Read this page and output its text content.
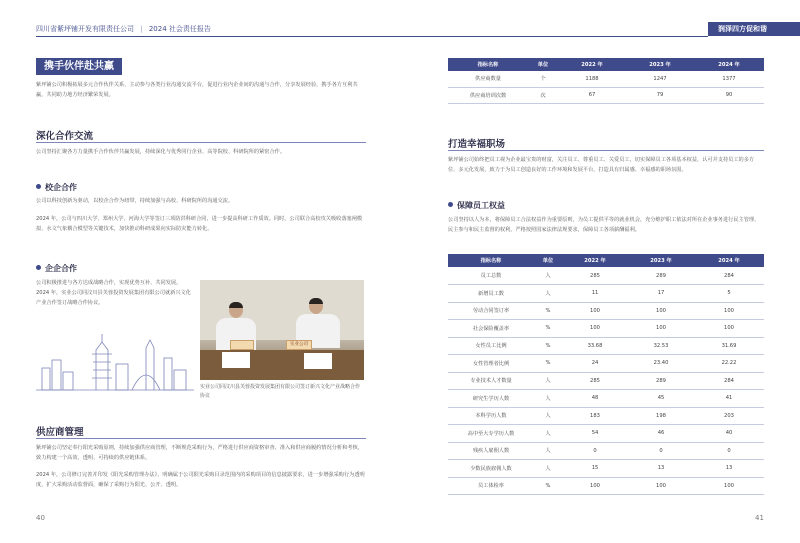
四川省紫坪铺开发有限责任公司 | 2024 社会责任报告
携手伙伴赴共赢
紫坪铺公司积极拓展多元合作伙伴关系，主动参与各类行业沟通交流平台，促进行业内企业间的沟通与合作，分享发展经验，携手各方互利共赢，共同助力地方经济繁荣发展。
深化合作交流
公司坚持汇聚各方力量携手合作伙伴共赢发展，持续深化与优秀同行企业、高等院校、科研院所的紧密合作。
校企合作
公司以科技创新为驱动，以校企合作为纽带，持续加强与高校、科研院所的沟通交流。
2024 年，公司与四川大学、郑州大学、河海大学等签订三项防洪科研合同，进一步提高科研工作质效。同时，公司联合高校攻关吸收落塞闸模拟、水文气象耦合模型等关键技术，加快推动科研成果向实际防灾能力转化。
企企合作
公司积极推进与各方达成战略合作，实现优势互补、共同发展。2024 年，实业公司同汶川县芙蓉投资发展集团有限公司就新兴文化产业合作签订战略合作协议。
实业公司
实业公司同汶川县芙蓉投资发展集团有限公司签订新兴文化产业战略合作协议
供应商管理
紫坪铺公司坚定奉行阳光采购原则，持续加强供应商管理，不断规范采购行为，严格进行供应商资格审查、准入和供应商履约情况分析和考核，致力构建一个高效、透明、可持续的供应链体系。
2024 年，公司修订完善并印发《阳光采购管理办法》，明确属于公司阳光采购目录范围内的采购项目的信息披露要求，进一步增强采购行为透明度，扩大采购活动监督面，确保了采购行为阳光、公开、透明。
40
润泽四方促和谐
指标名称	单位	2022 年	2023 年	2024 年
供应商数量	个	1188	1247	1377
供应商培训次数	次	67	79	90
打造幸福职场
紫坪铺公司始终把员工视为企业最宝贵的财富，关注员工、尊重员工、关爱员工，切实保障员工各项基本权益，认可并支持员工的多方位、多元化发展，致力于为员工创造良好的工作环境和发展平台，打造具有归属感、幸福感的职场氛围。
保障员工权益
公司坚持以人为本，将保障员工合法权益作为重要原则，为员工提供平等的就业机会，充分维护职工依法对所在企业事务进行民主管理、民主参与和民主监督的权利，严格按照国家法律法规要求，保障员工各项薪酬福利。
指标名称	单位	2022 年	2023 年	2024 年
员工总数	人	285	289	284
新增员工数	人	11	17	5
劳动合同签订率	%	100	100	100
社会保险覆盖率	%	100	100	100
女性员工比例	%	33.68	32.53	31.69
女性管理者比例	%	24	23.40	22.22
专业技术人才数量	人	285	289	284
研究生学历人数	人	48	45	41
本科学历人数	人	183	198	203
高中至大专学历人数	人	54	46	40
残疾人雇佣人数	人	0	0	0
少数民族雇佣人数	人	15	13	13
员工体检率	%	100	100	100
41
